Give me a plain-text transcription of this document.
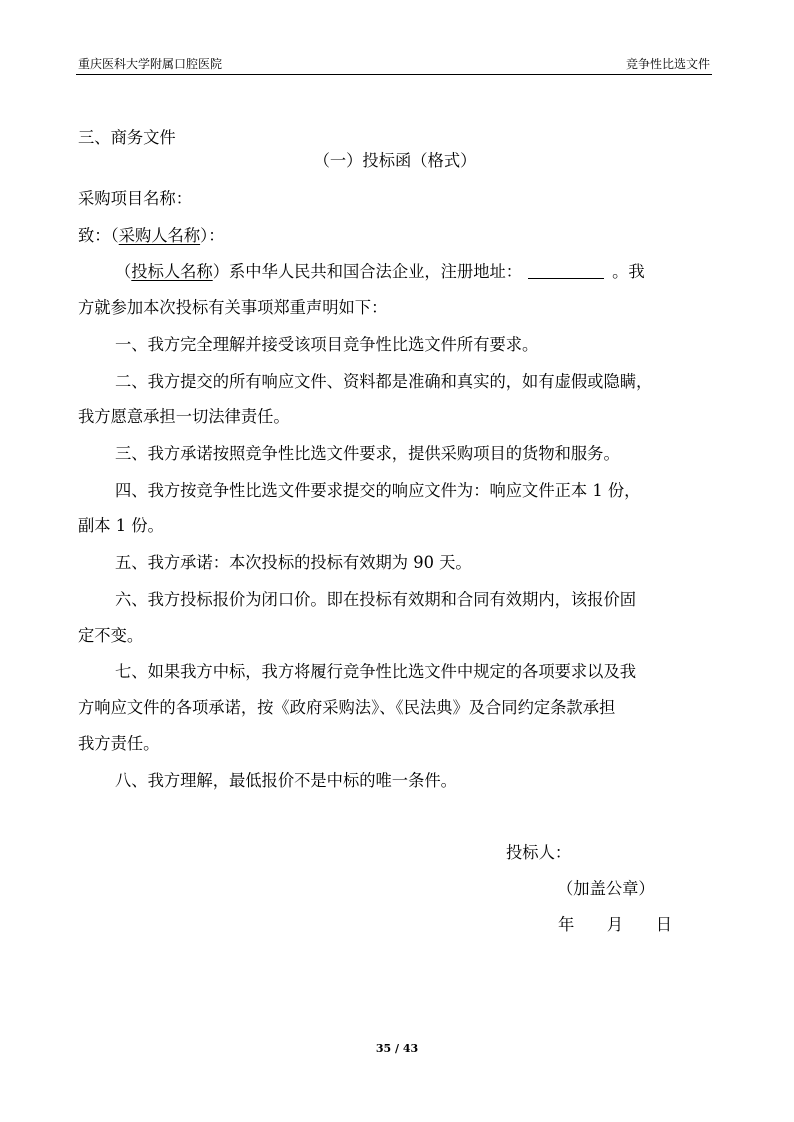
重庆医科大学附属口腔医院	竞争性比选文件
三、商务文件
（一）投标函（格式）
采购项目名称：
致：（采购人名称）：
（投标人名称）系中华人民共和国合法企业，注册地址：	。我
方就参加本次投标有关事项郑重声明如下：
一、我方完全理解并接受该项目竞争性比选文件所有要求。
二、我方提交的所有响应文件、资料都是准确和真实的，如有虚假或隐瞒，
我方愿意承担一切法律责任。
三、我方承诺按照竞争性比选文件要求，提供采购项目的货物和服务。
四、我方按竞争性比选文件要求提交的响应文件为：响应文件正本 1 份，
副本 1 份。
五、我方承诺：本次投标的投标有效期为 90 天。
六、我方投标报价为闭口价。即在投标有效期和合同有效期内，该报价固
定不变。
七、如果我方中标，我方将履行竞争性比选文件中规定的各项要求以及我
方响应文件的各项承诺，按《政府采购法》、《民法典》及合同约定条款承担
我方责任。
八、我方理解，最低报价不是中标的唯一条件。
投标人：
（加盖公章）
年　　月　　日
35 / 43
